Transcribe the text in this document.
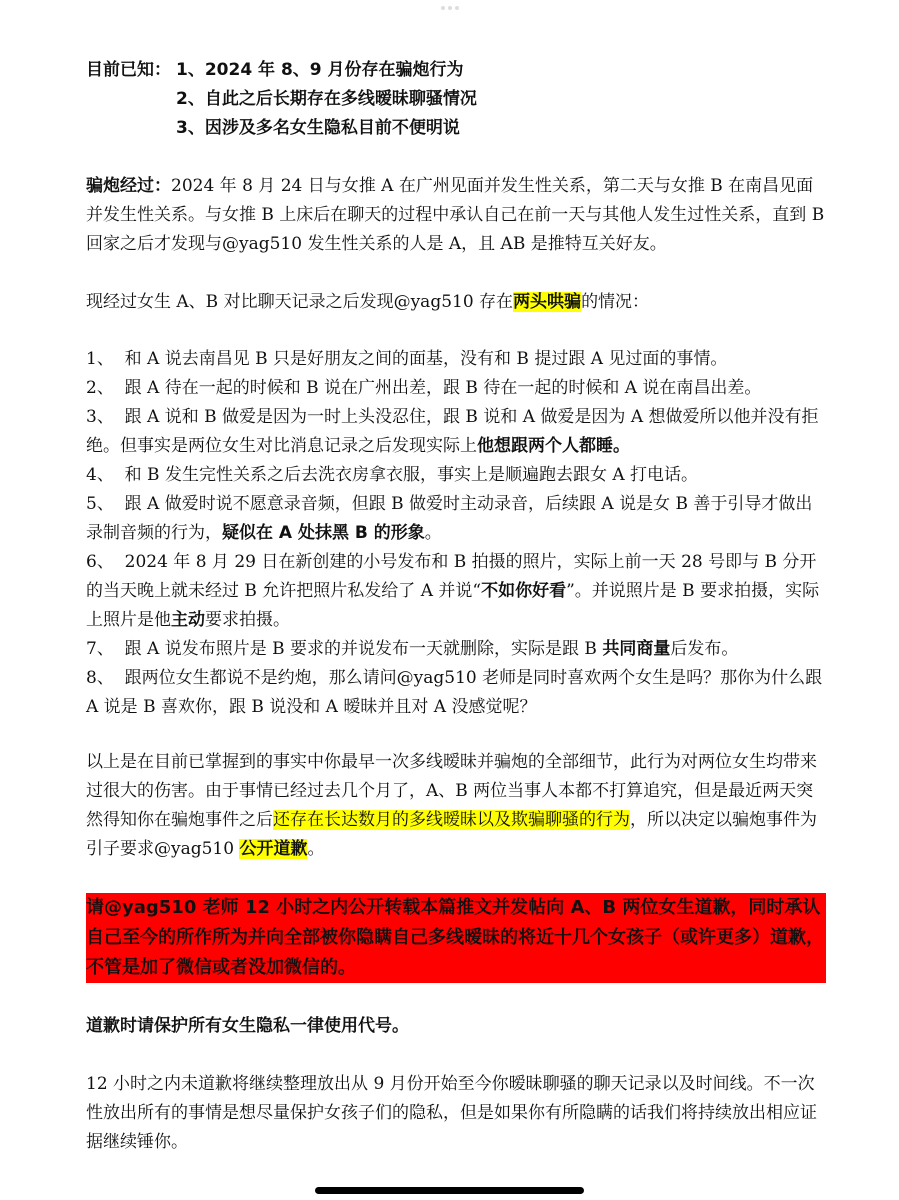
目前已知： 1、2024 年 8、9 月份存在骗炮行为
2、自此之后长期存在多线暧昧聊骚情况
3、因涉及多名女生隐私目前不便明说
骗炮经过：2024 年 8 月 24 日与女推 A 在广州见面并发生性关系，第二天与女推 B 在南昌见面并发生性关系。与女推 B 上床后在聊天的过程中承认自己在前一天与其他人发生过性关系，直到 B 回家之后才发现与@yag510 发生性关系的人是 A，且 AB 是推特互关好友。
现经过女生 A、B 对比聊天记录之后发现@yag510 存在两头哄骗的情况：
1、 和 A 说去南昌见 B 只是好朋友之间的面基，没有和 B 提过跟 A 见过面的事情。
2、 跟 A 待在一起的时候和 B 说在广州出差，跟 B 待在一起的时候和 A 说在南昌出差。
3、 跟 A 说和 B 做爱是因为一时上头没忍住，跟 B 说和 A 做爱是因为 A 想做爱所以他并没有拒绝。但事实是两位女生对比消息记录之后发现实际上他想跟两个人都睡。
4、 和 B 发生完性关系之后去洗衣房拿衣服，事实上是顺遍跑去跟女 A 打电话。
5、 跟 A 做爱时说不愿意录音频，但跟 B 做爱时主动录音，后续跟 A 说是女 B 善于引导才做出录制音频的行为，疑似在 A 处抹黑 B 的形象。
6、 2024 年 8 月 29 日在新创建的小号发布和 B 拍摄的照片，实际上前一天 28 号即与 B 分开的当天晚上就未经过 B 允许把照片私发给了 A 并说“不如你好看”。并说照片是 B 要求拍摄，实际上照片是他主动要求拍摄。
7、 跟 A 说发布照片是 B 要求的并说发布一天就删除，实际是跟 B 共同商量后发布。
8、 跟两位女生都说不是约炮，那么请问@yag510 老师是同时喜欢两个女生是吗？那你为什么跟 A 说是 B 喜欢你，跟 B 说没和 A 暧昧并且对 A 没感觉呢？
以上是在目前已掌握到的事实中你最早一次多线暧昧并骗炮的全部细节，此行为对两位女生均带来过很大的伤害。由于事情已经过去几个月了，A、B 两位当事人本都不打算追究，但是最近两天突然得知你在骗炮事件之后还存在长达数月的多线暧昧以及欺骗聊骚的行为，所以决定以骗炮事件为引子要求@yag510 公开道歉。
请@yag510 老师 12 小时之内公开转载本篇推文并发帖向 A、B 两位女生道歉，同时承认自己至今的所作所为并向全部被你隐瞒自己多线暧昧的将近十几个女孩子（或许更多）道歉，不管是加了微信或者没加微信的。
道歉时请保护所有女生隐私一律使用代号。
12 小时之内未道歉将继续整理放出从 9 月份开始至今你暧昧聊骚的聊天记录以及时间线。不一次性放出所有的事情是想尽量保护女孩子们的隐私，但是如果你有所隐瞒的话我们将持续放出相应证据继续锤你。
